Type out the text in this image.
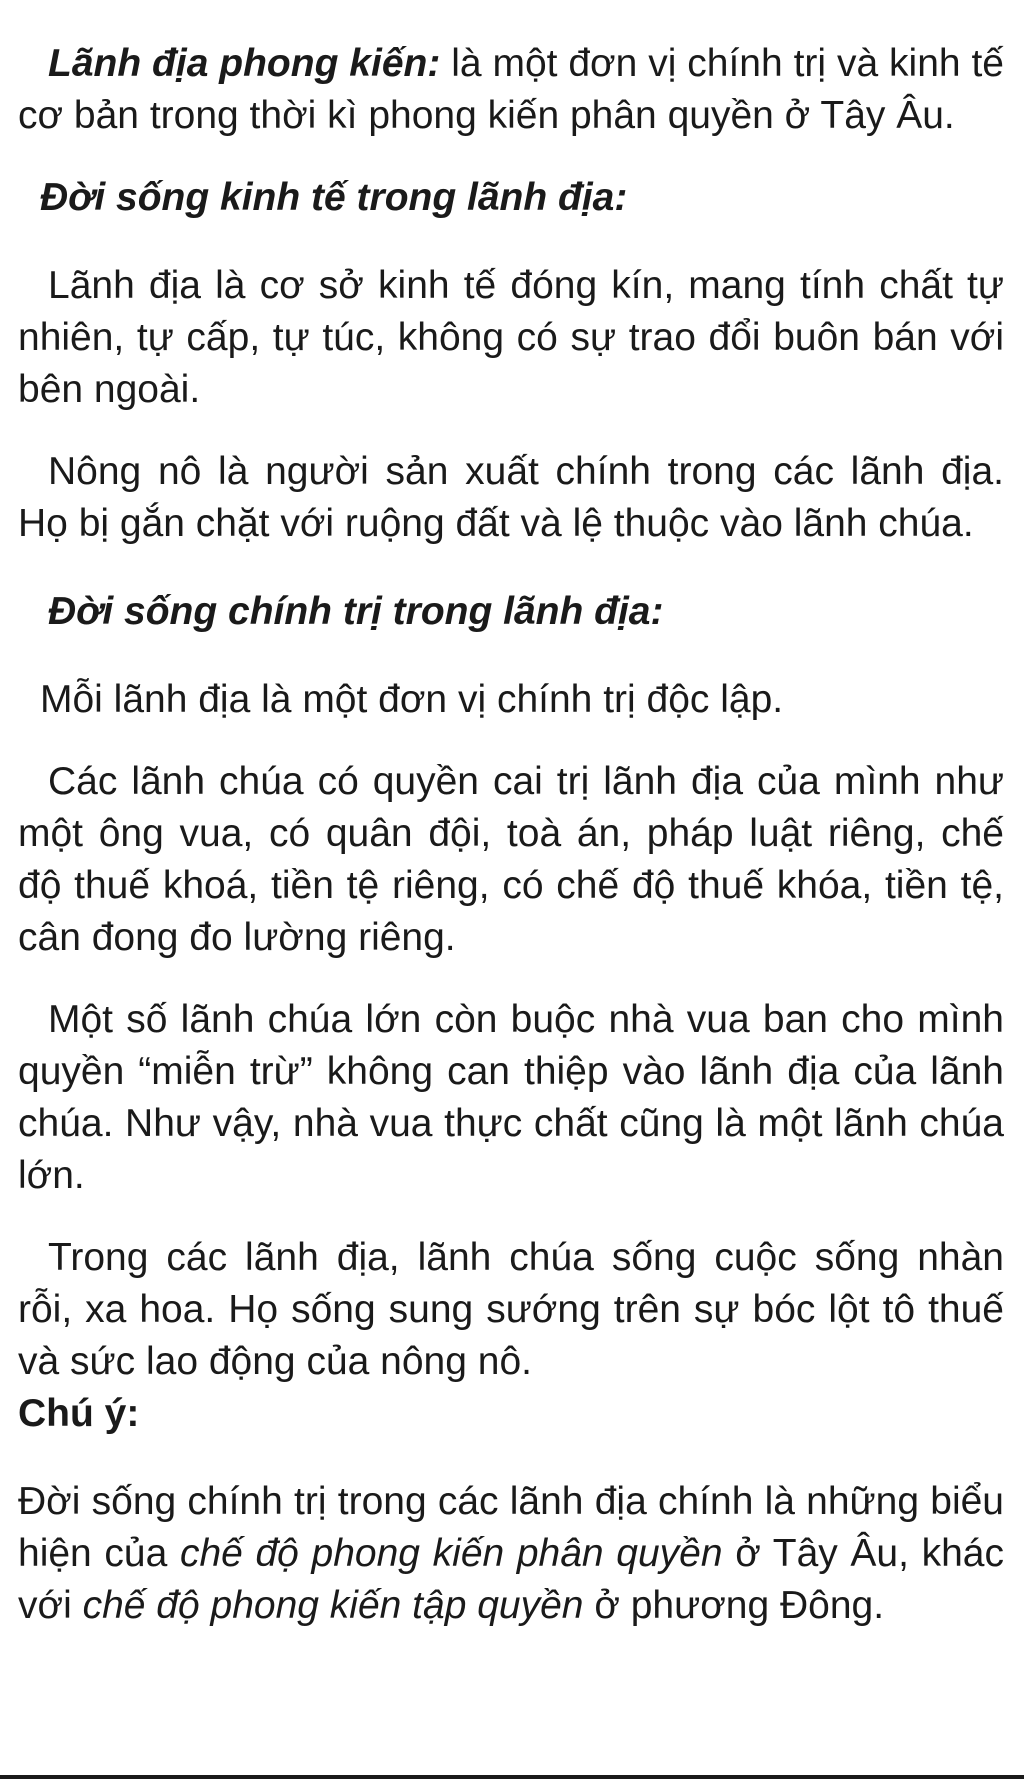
Lãnh địa phong kiến: là một đơn vị chính trị và kinh tế cơ bản trong thời kì phong kiến phân quyền ở Tây Âu.

Đời sống kinh tế trong lãnh địa:

Lãnh địa là cơ sở kinh tế đóng kín, mang tính chất tự nhiên, tự cấp, tự túc, không có sự trao đổi buôn bán với bên ngoài.

Nông nô là người sản xuất chính trong các lãnh địa. Họ bị gắn chặt với ruộng đất và lệ thuộc vào lãnh chúa.

Đời sống chính trị trong lãnh địa:

Mỗi lãnh địa là một đơn vị chính trị độc lập.

Các lãnh chúa có quyền cai trị lãnh địa của mình như một ông vua, có quân đội, toà án, pháp luật riêng, chế độ thuế khoá, tiền tệ riêng, có chế độ thuế khóa, tiền tệ, cân đong đo lường riêng.

Một số lãnh chúa lớn còn buộc nhà vua ban cho mình quyền “miễn trừ” không can thiệp vào lãnh địa của lãnh chúa. Như vậy, nhà vua thực chất cũng là một lãnh chúa lớn.

Trong các lãnh địa, lãnh chúa sống cuộc sống nhàn rỗi, xa hoa. Họ sống sung sướng trên sự bóc lột tô thuế và sức lao động của nông nô.

Chú ý:

Đời sống chính trị trong các lãnh địa chính là những biểu hiện của chế độ phong kiến phân quyền ở Tây Âu, khác với chế độ phong kiến tập quyền ở phương Đông.
